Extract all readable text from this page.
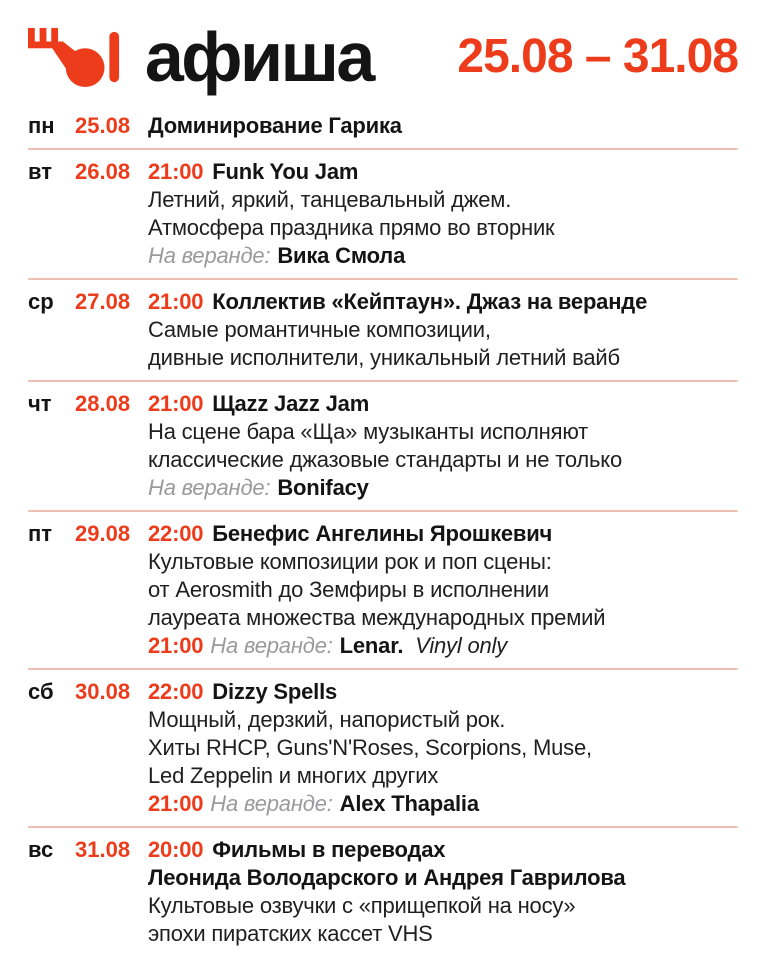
афиша 25.08 – 31.08
пн 25.08 Доминирование Гарика
вт	26.08 21:00 Funk You Jam
Летний, яркий, танцевальный джем.
Атмосфера праздника прямо во вторник
На веранде: Вика Смола
ср 27.08 21:00 Коллектив «Кейптаун». Джаз на веранде
Самые романтичные композиции,
дивные исполнители, уникальный летний вайб
чт	28.08 21:00 Щazz Jazz Jam
На сцене бара «Ща» музыканты исполняют
классические джазовые стандарты и не только
На веранде: Bonifacy
пт	29.08 22:00 Бенефис Ангелины Ярошкевич
Культовые композиции рок и поп сцены:
от Aerosmith до Земфиры в исполнении
лауреата множества международных премий
21:00 На веранде: Lenar. Vinyl only
сб 30.08 22:00 Dizzy Spells
Мощный, дерзкий, напористый рок.
Хиты RHCP, Guns'N'Roses, Scorpions, Muse,
Led Zeppelin и многих других
21:00 На веранде: Alex Thapalia
вс 31.08 20:00 Фильмы в переводах
Леонида Володарского и Андрея Гаврилова
Культовые озвучки с «прищепкой на носу»
эпохи пиратских кассет VHS
